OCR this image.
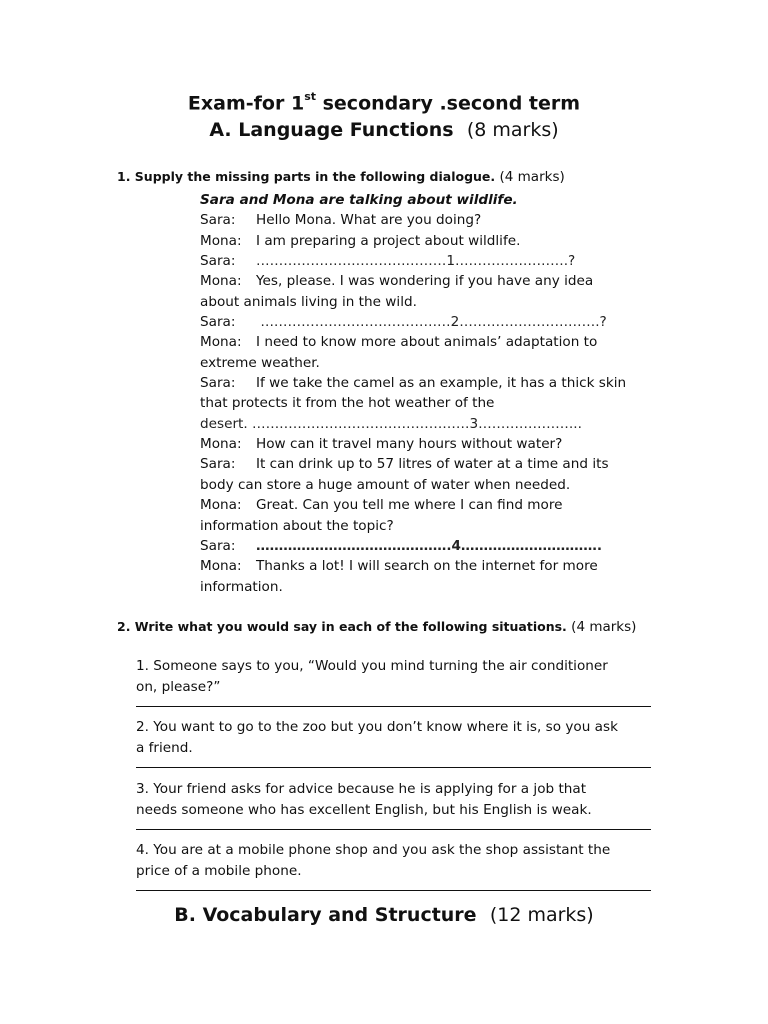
Exam-for 1st secondary .second term
A. Language Functions (8 marks)
1. Supply the missing parts in the following dialogue. (4 marks)
Sara and Mona are talking about wildlife.
Sara: Hello Mona. What are you doing?
Mona: I am preparing a project about wildlife.
Sara: ……………………………………1…………………….?
Mona: Yes, please. I was wondering if you have any idea
about animals living in the wild.
Sara: ……………………………………2………………………….?
Mona: I need to know more about animals’ adaptation to
extreme weather.
Sara: If we take the camel as an example, it has a thick skin
that protects it from the hot weather of the
desert. …………………………………………3…………………..
Mona: How can it travel many hours without water?
Sara: It can drink up to 57 litres of water at a time and its
body can store a huge amount of water when needed.
Mona: Great. Can you tell me where I can find more
information about the topic?
Sara: …………………………………….4………………………….
Mona: Thanks a lot! I will search on the internet for more
information.
2. Write what you would say in each of the following situations. (4 marks)
1. Someone says to you, “Would you mind turning the air conditioner
on, please?”
2. You want to go to the zoo but you don’t know where it is, so you ask
a friend.
3. Your friend asks for advice because he is applying for a job that
needs someone who has excellent English, but his English is weak.
4. You are at a mobile phone shop and you ask the shop assistant the
price of a mobile phone.
B. Vocabulary and Structure (12 marks)
